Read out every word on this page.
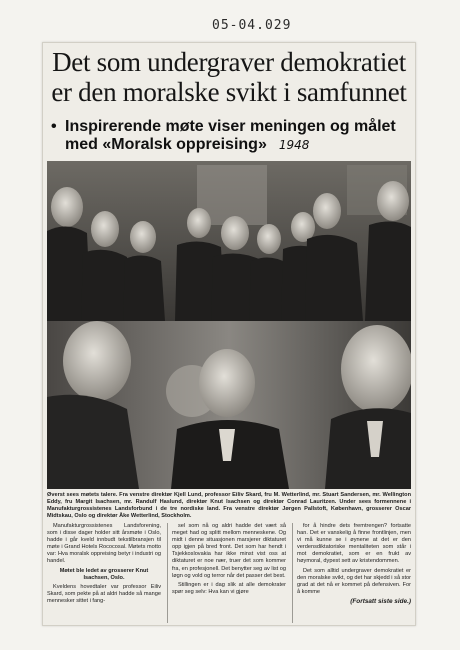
05-04.029
Det som undergraver demokratiet er den moralske svikt i samfunnet
• Inspirerende møte viser meningen og målet med «Moralsk oppreising» 1948
Øverst sees møtets talere. Fra venstre direktør Kjell Lund, professor Eiliv Skard, fru M. Wetterlind, mr. Stuart Sandersen, mr. Wellington Eddy, fru Margit Isachsen, mr. Randulf Haslund, direktør Knut Isachsen og direktør Conrad Lauritzen. Under sees formennene i Manufakturgrossistenes Landsforbund i de tre nordiske land. Fra venstre direktør Jørgen Pallstoft, København, grosserer Oscar Midtskau, Oslo og direktør Åke Wetterlind, Stockholm.

Manufakturgrossistenes Landsforening, som i disse dager holder sitt årsmøte i Oslo, hadde i går kveld innbudt tekstilbransjen til møte i Grand Hotels Rococosal. Møtets motto var: Hva moralsk oppreising betyr i industri og handel.

Møtet ble ledet av grosserer Knut Isachsen, Oslo.

Kveldens hovedtaler var professor Eiliv Skard, som pekte på at aldri hadde så mange mennesker sittet i fang-

sel som nå og aldri hadde det vært så meget had og splitt mellom menneskene. Og midt i denne situasjonen marsjerer diktaturet opp igjen på bred front. Det som har hendt i Tsjekkoslovakia har ikke minst vist oss at diktaturet er noe nær, truer det som kommer fra, en profesjonell. Det benytter seg av list og løgn og vold og terror når det passer det best.

Stillingen er i dag slik at alle demokrater spør seg selv: Hva kan vi gjøre

for å hindre dets fremtrengen? fortsatte han. Det er vanskelig å finne frontlinjen, men vi må kunne se i øynene at det er den verdensdiktatoriske mentaliteten som står i mot demokratiet, som er en frukt av høymoral, dypest sett av kristendommen.

Det som alltid undergraver demokratiet er den moralske svikt, og det har skjedd i så stor grad at det nå er kommet på defensiven. For å komme

(Fortsatt siste side.)
